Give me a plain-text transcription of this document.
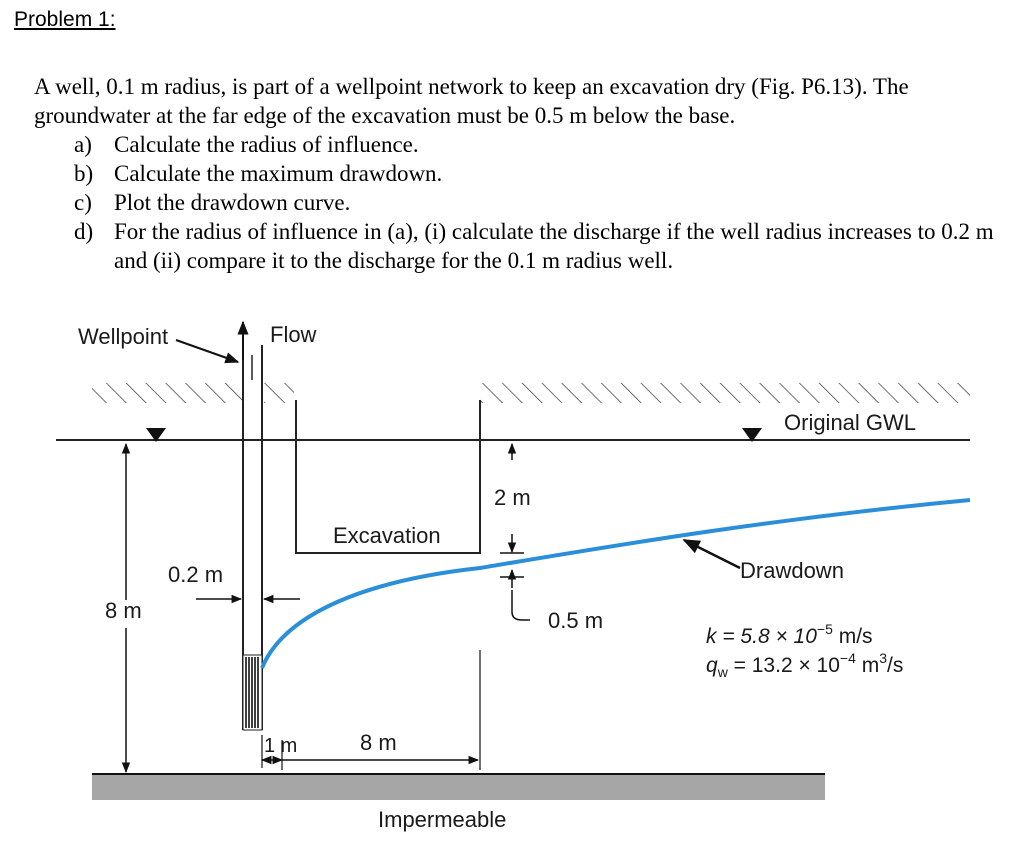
Problem 1:

A well, 0.1 m radius, is part of a wellpoint network to keep an excavation dry (Fig. P6.13). The groundwater at the far edge of the excavation must be 0.5 m below the base.

a) Calculate the radius of influence.
b) Calculate the maximum drawdown.
c) Plot the drawdown curve.
d) For the radius of influence in (a), (i) calculate the discharge if the well radius increases to 0.2 m and (ii) compare it to the discharge for the 0.1 m radius well.
Flow
Wellpoint
Original GWL
Excavation
Drawdown
2 m
0.5 m
0.2 m
8 m
1 m	8 m
Impermeable
$k = 5.8 \times 10^{-5}$ m/s
$q_w = 13.2 \times 10^{-4}$ $m^3/s$
